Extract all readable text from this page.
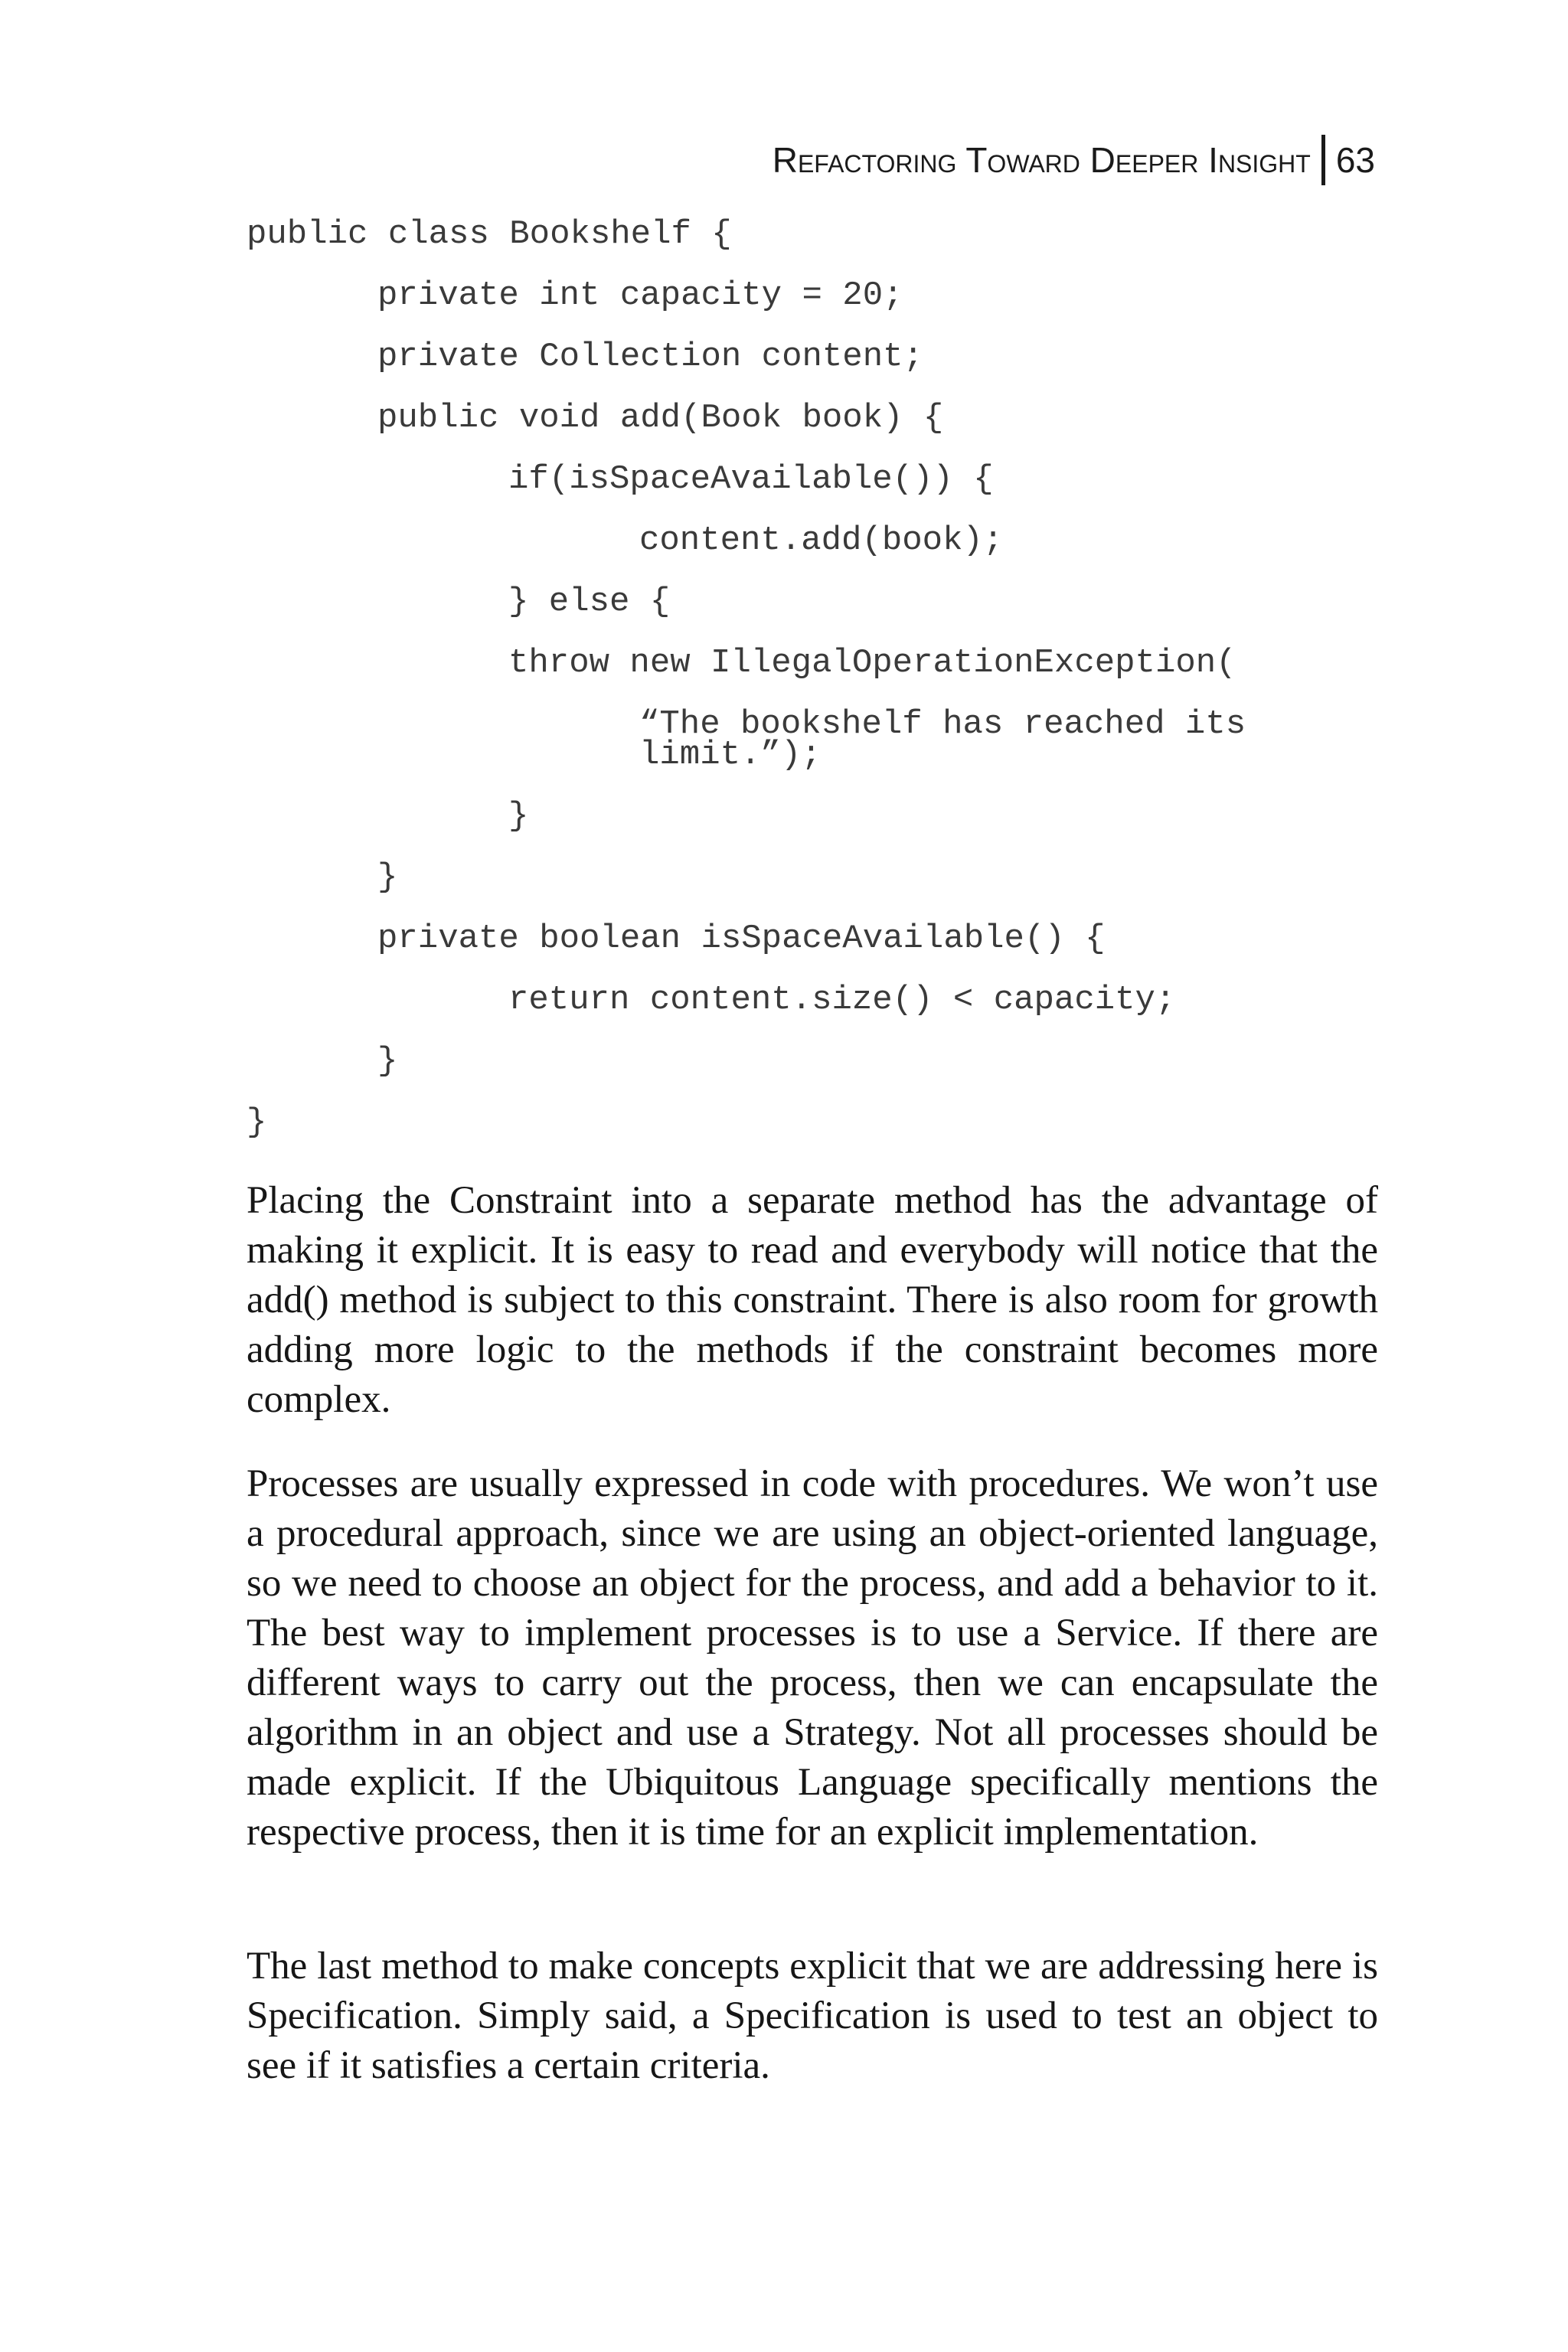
Refactoring Toward Deeper Insight 63
public class Bookshelf {
private int capacity = 20;
private Collection content;
public void add(Book book) {
if(isSpaceAvailable()) {
content.add(book);
} else {
throw new IllegalOperationException(
“The bookshelf has reached its limit.”);
}
}
private boolean isSpaceAvailable() {
return content.size() < capacity;
}
}

Placing the Constraint into a separate method has the advantage of making it explicit. It is easy to read and everybody will notice that the add() method is subject to this constraint. There is also room for growth adding more logic to the methods if the constraint becomes more complex.

Processes are usually expressed in code with procedures. We won’t use a procedural approach, since we are using an object-oriented language, so we need to choose an object for the process, and add a behavior to it. The best way to implement processes is to use a Service. If there are different ways to carry out the process, then we can encapsulate the algorithm in an object and use a Strategy. Not all processes should be made explicit. If the Ubiquitous Language specifically mentions the respective process, then it is time for an explicit implementation.

The last method to make concepts explicit that we are addressing here is Specification. Simply said, a Specification is used to test an object to see if it satisfies a certain criteria.
